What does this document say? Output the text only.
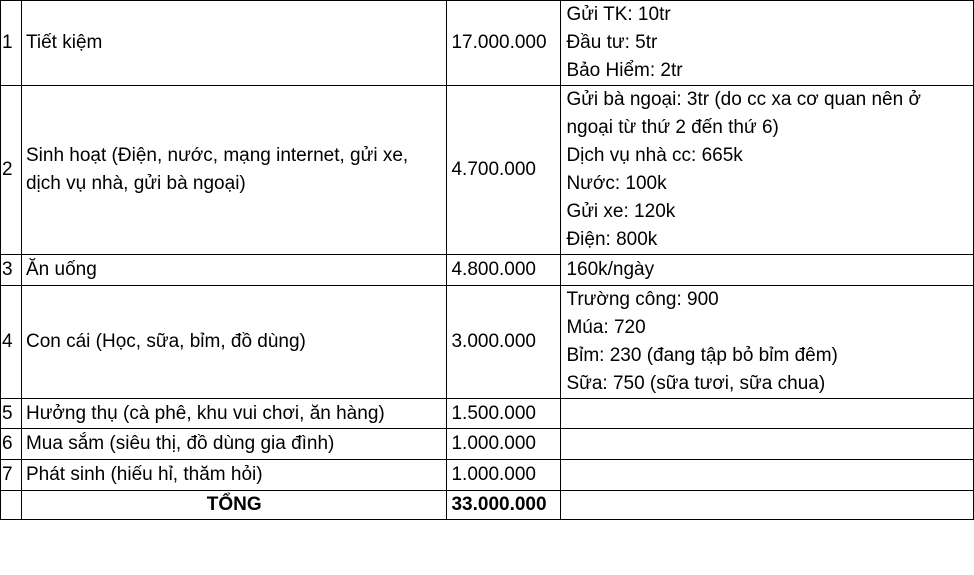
1	Tiết kiệm	17.000.000	Gửi TK: 10tr
Đầu tư: 5tr
Bảo Hiểm: 2tr

2	Sinh hoạt (Điện, nước, mạng internet, gửi xe, dịch vụ nhà, gửi bà ngoại)	4.700.000	Gửi bà ngoại: 3tr (do cc xa cơ quan nên ở ngoại từ thứ 2 đến thứ 6)
Dịch vụ nhà cc: 665k
Nước: 100k
Gửi xe: 120k
Điện: 800k

3	Ăn uống	4.800.000	160k/ngày

4	Con cái (Học, sữa, bỉm, đồ dùng)	3.000.000	Trường công: 900
Múa: 720
Bỉm: 230 (đang tập bỏ bỉm đêm)
Sữa: 750 (sữa tươi, sữa chua)

5	Hưởng thụ (cà phê, khu vui chơi, ăn hàng)	1.500.000	
6	Mua sắm (siêu thị, đồ dùng gia đình)	1.000.000	
7	Phát sinh (hiếu hỉ, thăm hỏi)	1.000.000	
	TỔNG	33.000.000	
